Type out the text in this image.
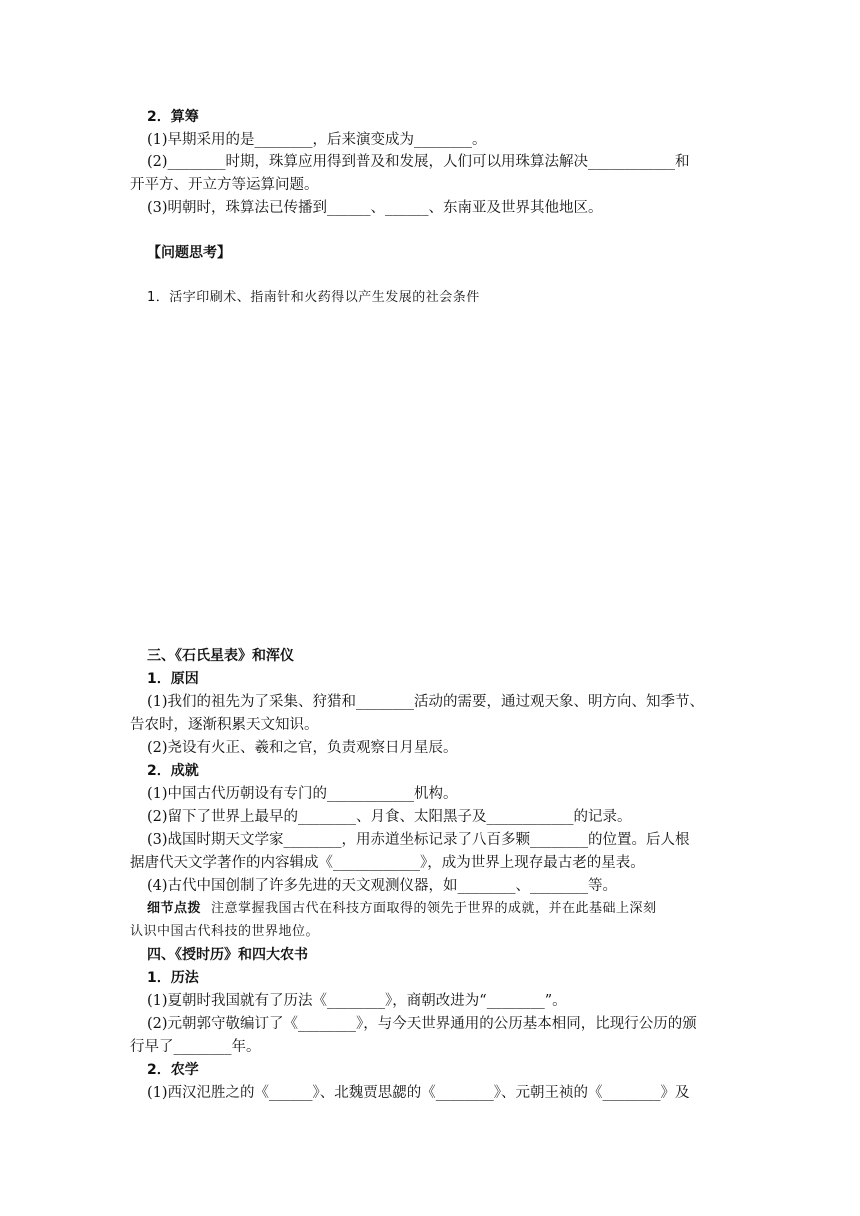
2．算筹
(1)早期采用的是________，后来演变成为________。
(2)________时期，珠算应用得到普及和发展，人们可以用珠算法解决____________和
开平方、开立方等运算问题。
(3)明朝时，珠算法已传播到______、______、东南亚及世界其他地区。
【问题思考】
1．活字印刷术、指南针和火药得以产生发展的社会条件
三、《石氏星表》和浑仪
1．原因
(1)我们的祖先为了采集、狩猎和________活动的需要，通过观天象、明方向、知季节、
告农时，逐渐积累天文知识。
(2)尧设有火正、羲和之官，负责观察日月星辰。
2．成就
(1)中国古代历朝设有专门的____________机构。
(2)留下了世界上最早的________、月食、太阳黑子及____________的记录。
(3)战国时期天文学家________，用赤道坐标记录了八百多颗________的位置。后人根
据唐代天文学著作的内容辑成《____________》，成为世界上现存最古老的星表。
(4)古代中国创制了许多先进的天文观测仪器，如________、________等。
细节点拨 注意掌握我国古代在科技方面取得的领先于世界的成就，并在此基础上深刻
认识中国古代科技的世界地位。
四、《授时历》和四大农书
1．历法
(1)夏朝时我国就有了历法《________》，商朝改进为“________”。
(2)元朝郭守敬编订了《________》，与今天世界通用的公历基本相同，比现行公历的颁
行早了________年。
2．农学
(1)西汉氾胜之的《______》、北魏贾思勰的《________》、元朝王祯的《________》及
